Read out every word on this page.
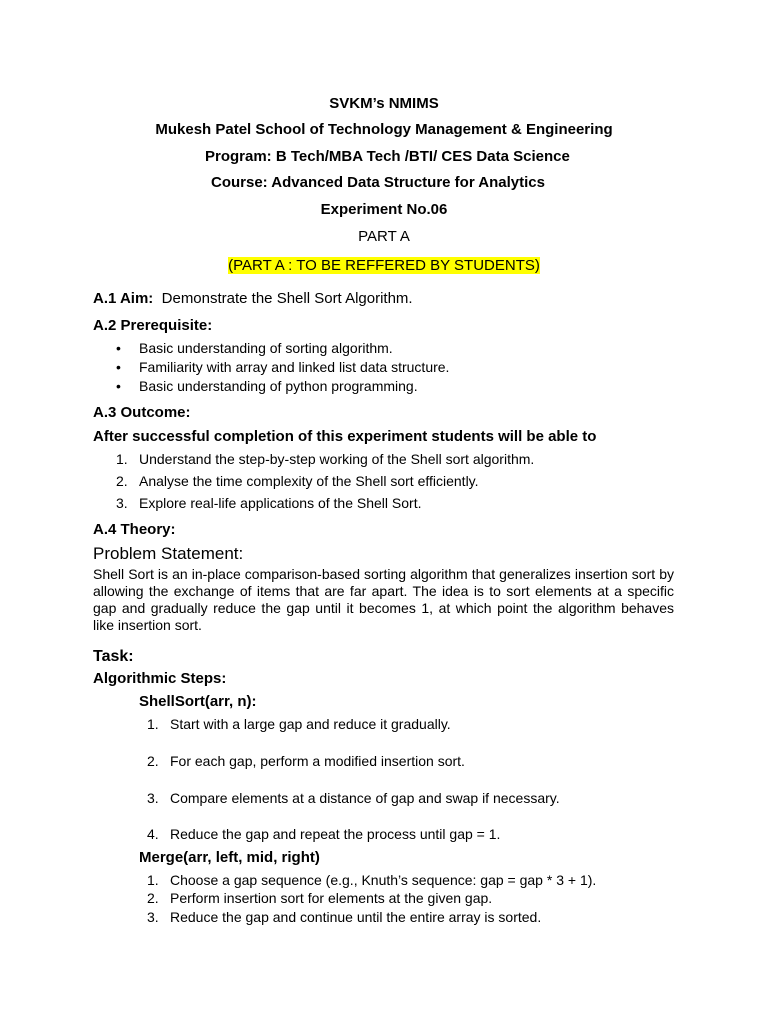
SVKM’s NMIMS

Mukesh Patel School of Technology Management & Engineering

Program: B Tech/MBA Tech /BTI/ CES Data Science

Course: Advanced Data Structure for Analytics

Experiment No.06

PART A

(PART A : TO BE REFFERED BY STUDENTS)

A.1 Aim: Demonstrate the Shell Sort Algorithm.

A.2 Prerequisite:

• Basic understanding of sorting algorithm.
• Familiarity with array and linked list data structure.
• Basic understanding of python programming.

A.3 Outcome:

After successful completion of this experiment students will be able to

1. Understand the step-by-step working of the Shell sort algorithm.
2. Analyse the time complexity of the Shell sort efficiently.
3. Explore real-life applications of the Shell Sort.

A.4 Theory:

Problem Statement:

Shell Sort is an in-place comparison-based sorting algorithm that generalizes insertion sort by allowing the exchange of items that are far apart. The idea is to sort elements at a specific gap and gradually reduce the gap until it becomes 1, at which point the algorithm behaves like insertion sort.

Task:

Algorithmic Steps:

ShellSort(arr, n):

1. Start with a large gap and reduce it gradually.
2. For each gap, perform a modified insertion sort.
3. Compare elements at a distance of gap and swap if necessary.
4. Reduce the gap and repeat the process until gap = 1.

Merge(arr, left, mid, right)

1. Choose a gap sequence (e.g., Knuth’s sequence: gap = gap * 3 + 1).
2. Perform insertion sort for elements at the given gap.
3. Reduce the gap and continue until the entire array is sorted.
